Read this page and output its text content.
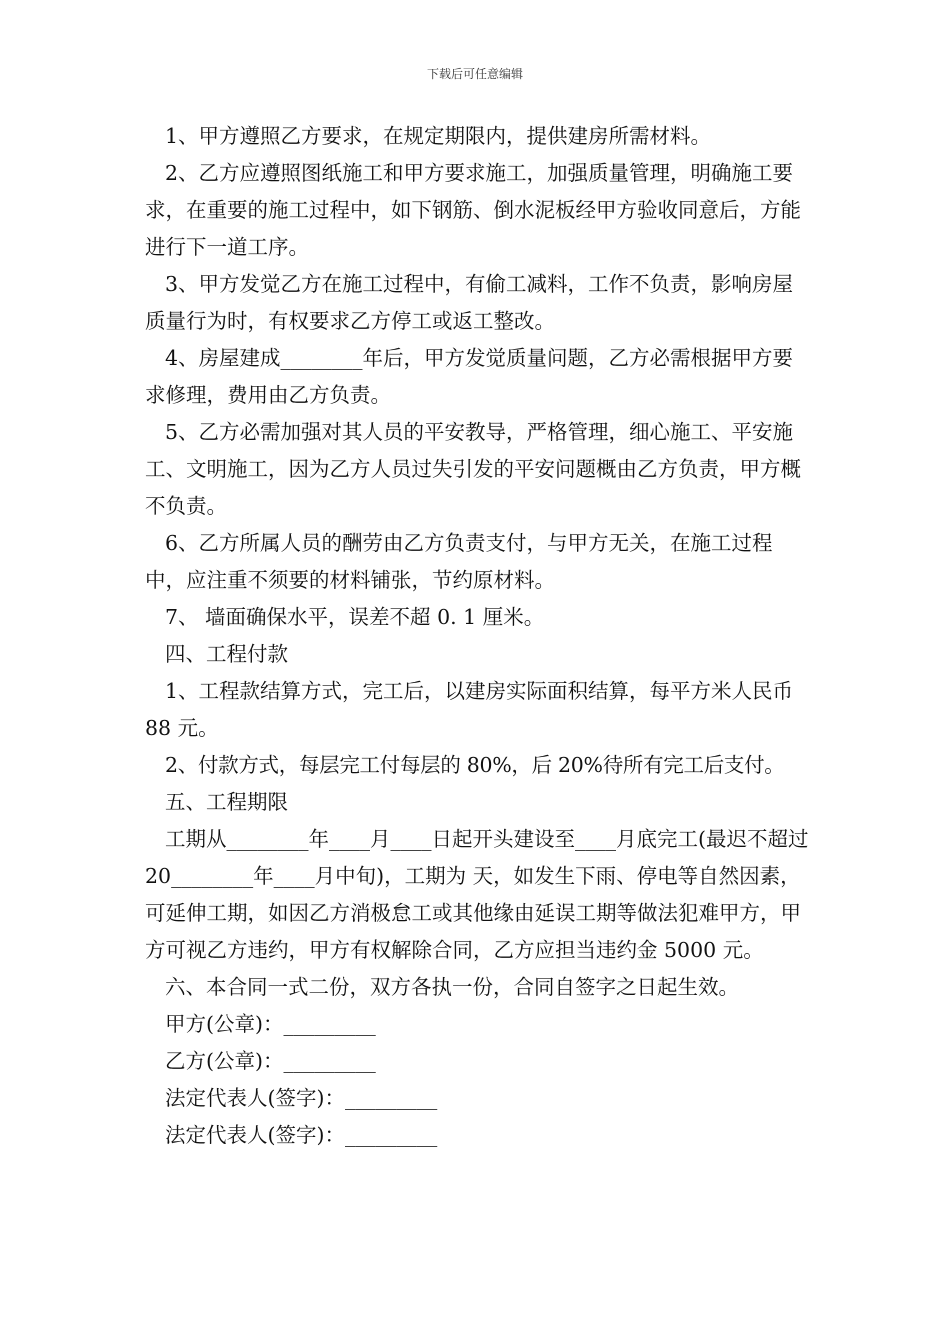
下载后可任意编辑

1、甲方遵照乙方要求，在规定期限内，提供建房所需材料。

2、乙方应遵照图纸施工和甲方要求施工，加强质量管理，明确施工要求，在重要的施工过程中，如下钢筋、倒水泥板经甲方验收同意后，方能进行下一道工序。

3、甲方发觉乙方在施工过程中，有偷工减料，工作不负责，影响房屋质量行为时，有权要求乙方停工或返工整改。

4、房屋建成________年后，甲方发觉质量问题，乙方必需根据甲方要求修理，费用由乙方负责。

5、乙方必需加强对其人员的平安教导，严格管理，细心施工、平安施工、文明施工，因为乙方人员过失引发的平安问题概由乙方负责，甲方概不负责。

6、乙方所属人员的酬劳由乙方负责支付，与甲方无关，在施工过程中，应注重不须要的材料铺张，节约原材料。

7、 墙面确保水平，误差不超 0. 1 厘米。

四、工程付款

1、工程款结算方式，完工后，以建房实际面积结算，每平方米人民币 88 元。

2、付款方式，每层完工付每层的 80%，后 20%待所有完工后支付。

五、工程期限

工期从________年____月____日起开头建设至____月底完工(最迟不超过 20________年____月中旬)，工期为 天，如发生下雨、停电等自然因素，可延伸工期，如因乙方消极怠工或其他缘由延误工期等做法犯难甲方，甲方可视乙方违约，甲方有权解除合同，乙方应担当违约金 5000 元。

六、本合同一式二份，双方各执一份，合同自签字之日起生效。

甲方(公章)：_________

乙方(公章)：_________

法定代表人(签字)：_________

法定代表人(签字)：_________
